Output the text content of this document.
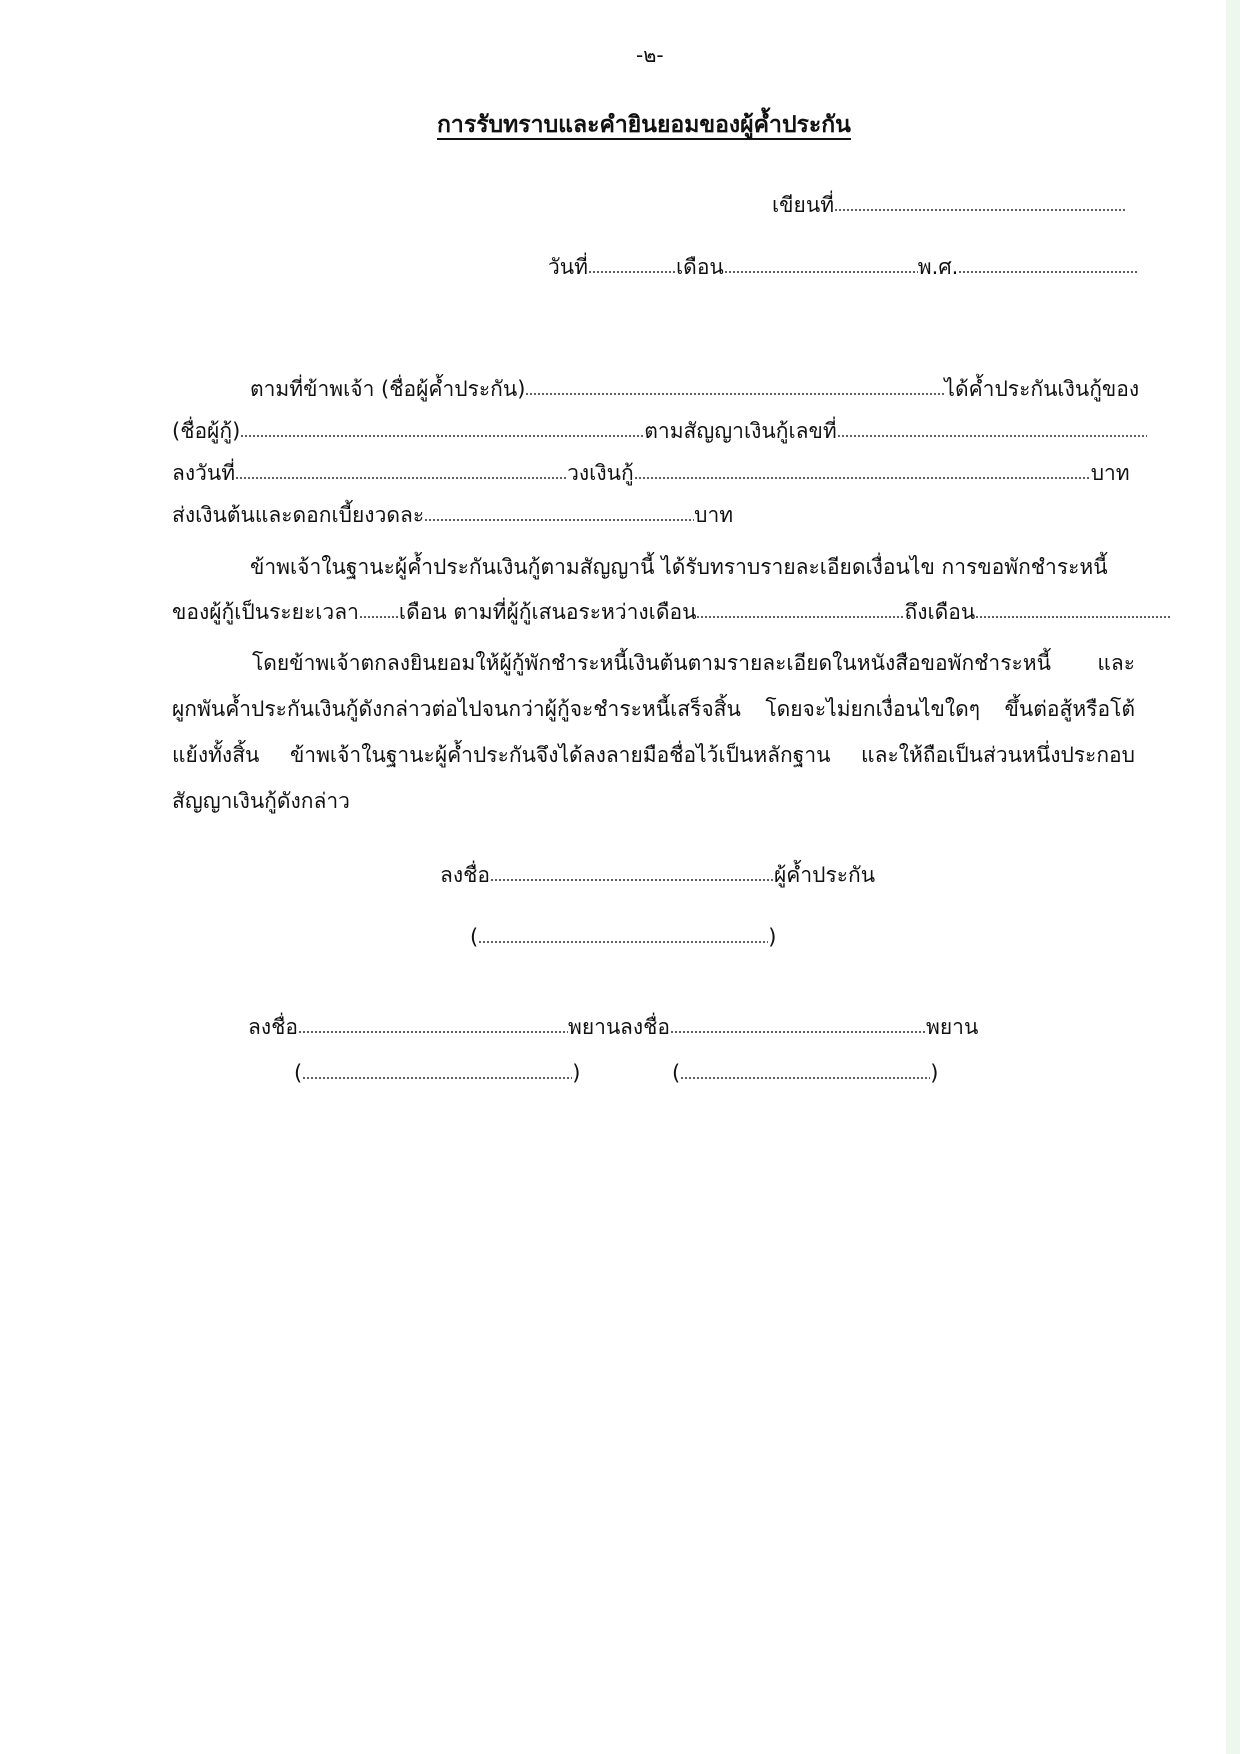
-๒-
การรับทราบและคำยินยอมของผู้ค้ำประกัน
เขียนที่
วันที่	เดือน	พ.ศ.
ตามที่ข้าพเจ้า (ชื่อผู้ค้ำประกัน)	ได้ค้ำประกันเงินกู้ของ
(ชื่อผู้กู้)	ตามสัญญาเงินกู้เลขที่
ลงวันที่	วงเงินกู้	บาท
ส่งเงินต้นและดอกเบี้ยงวดละ	บาท
ข้าพเจ้าในฐานะผู้ค้ำประกันเงินกู้ตามสัญญานี้ ได้รับทราบรายละเอียดเงื่อนไข การขอพักชำระหนี้
ของผู้กู้เป็นระยะเวลา เดือน ตามที่ผู้กู้เสนอระหว่างเดือน	ถึงเดือน
โดยข้าพเจ้าตกลงยินยอมให้ผู้กู้พักชำระหนี้เงินต้นตามรายละเอียดในหนังสือขอพักชำระหนี้ และผูกพันค้ำประกันเงินกู้ดังกล่าวต่อไปจนกว่าผู้กู้จะชำระหนี้เสร็จสิ้น โดยจะไม่ยกเงื่อนไขใดๆ ขึ้นต่อสู้หรือโต้แย้งทั้งสิ้น ข้าพเจ้าในฐานะผู้ค้ำประกันจึงได้ลงลายมือชื่อไว้เป็นหลักฐาน และให้ถือเป็นส่วนหนึ่งประกอบสัญญาเงินกู้ดังกล่าว
ลงชื่อ	ผู้ค้ำประกัน
(	)
ลงชื่อ	พยาน ลงชื่อ	พยาน
(	)	(	)
